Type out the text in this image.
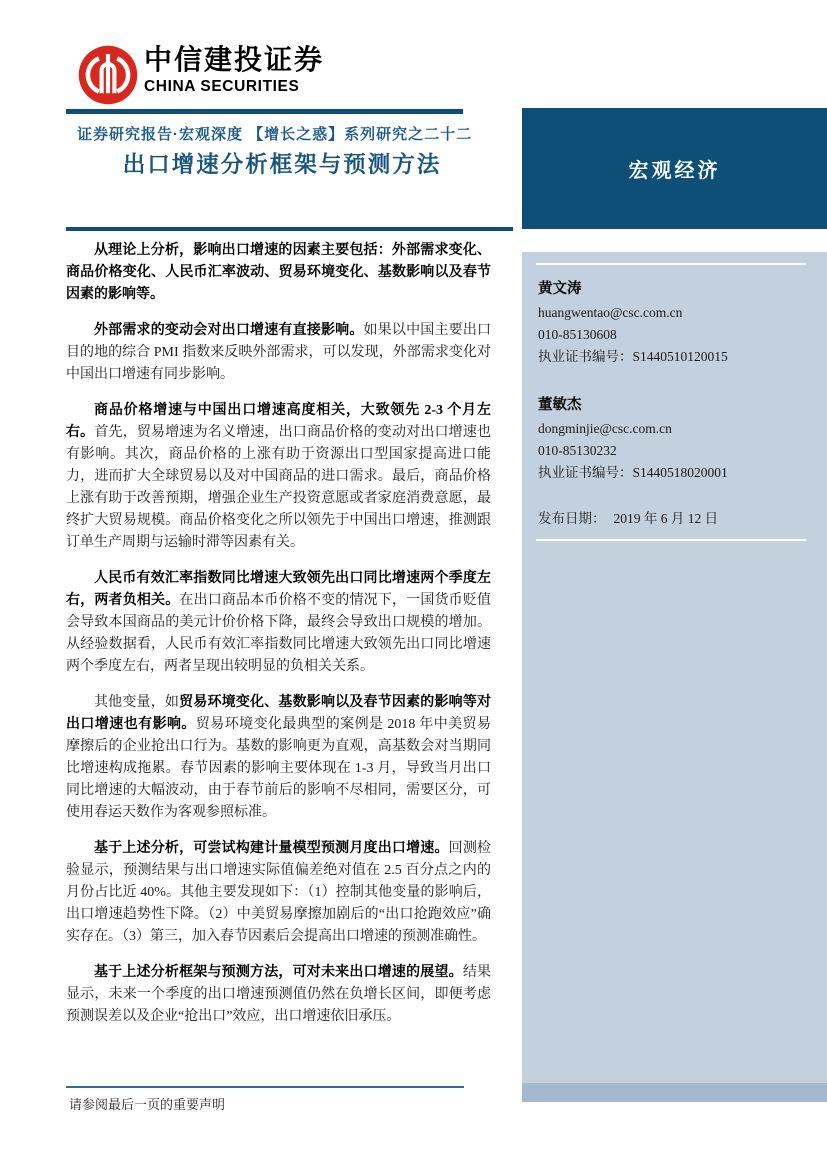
中信建投证券
CHINA SECURITIES
证券研究报告·宏观深度 【增长之惑】系列研究之二十二
出口增速分析框架与预测方法

从理论上分析，影响出口增速的因素主要包括：外部需求变化、商品价格变化、人民币汇率波动、贸易环境变化、基数影响以及春节因素的影响等。

外部需求的变动会对出口增速有直接影响。如果以中国主要出口目的地的综合 PMI 指数来反映外部需求，可以发现，外部需求变化对中国出口增速有同步影响。

商品价格增速与中国出口增速高度相关，大致领先 2-3 个月左右。首先，贸易增速为名义增速，出口商品价格的变动对出口增速也有影响。其次，商品价格的上涨有助于资源出口型国家提高进口能力，进而扩大全球贸易以及对中国商品的进口需求。最后，商品价格上涨有助于改善预期，增强企业生产投资意愿或者家庭消费意愿，最终扩大贸易规模。商品价格变化之所以领先于中国出口增速，推测跟订单生产周期与运输时滞等因素有关。

人民币有效汇率指数同比增速大致领先出口同比增速两个季度左右，两者负相关。在出口商品本币价格不变的情况下，一国货币贬值会导致本国商品的美元计价价格下降，最终会导致出口规模的增加。从经验数据看，人民币有效汇率指数同比增速大致领先出口同比增速两个季度左右，两者呈现出较明显的负相关关系。

其他变量，如贸易环境变化、基数影响以及春节因素的影响等对出口增速也有影响。贸易环境变化最典型的案例是 2018 年中美贸易摩擦后的企业抢出口行为。基数的影响更为直观，高基数会对当期同比增速构成拖累。春节因素的影响主要体现在 1-3 月，导致当月出口同比增速的大幅波动，由于春节前后的影响不尽相同，需要区分，可使用春运天数作为客观参照标准。

基于上述分析，可尝试构建计量模型预测月度出口增速。回测检验显示，预测结果与出口增速实际值偏差绝对值在 2.5 百分点之内的月份占比近 40%。其他主要发现如下：（1）控制其他变量的影响后，出口增速趋势性下降。（2）中美贸易摩擦加剧后的“出口抢跑效应”确实存在。（3）第三，加入春节因素后会提高出口增速的预测准确性。

基于上述分析框架与预测方法，可对未来出口增速的展望。结果显示，未来一个季度的出口增速预测值仍然在负增长区间，即便考虑预测误差以及企业“抢出口”效应，出口增速依旧承压。

请参阅最后一页的重要声明
宏观经济
黄文涛
huangwentao@csc.com.cn
010-85130608
执业证书编号：S1440510120015
董敏杰
dongminjie@csc.com.cn
010-85130232
执业证书编号：S1440518020001
发布日期： 2019 年 6 月 12 日
